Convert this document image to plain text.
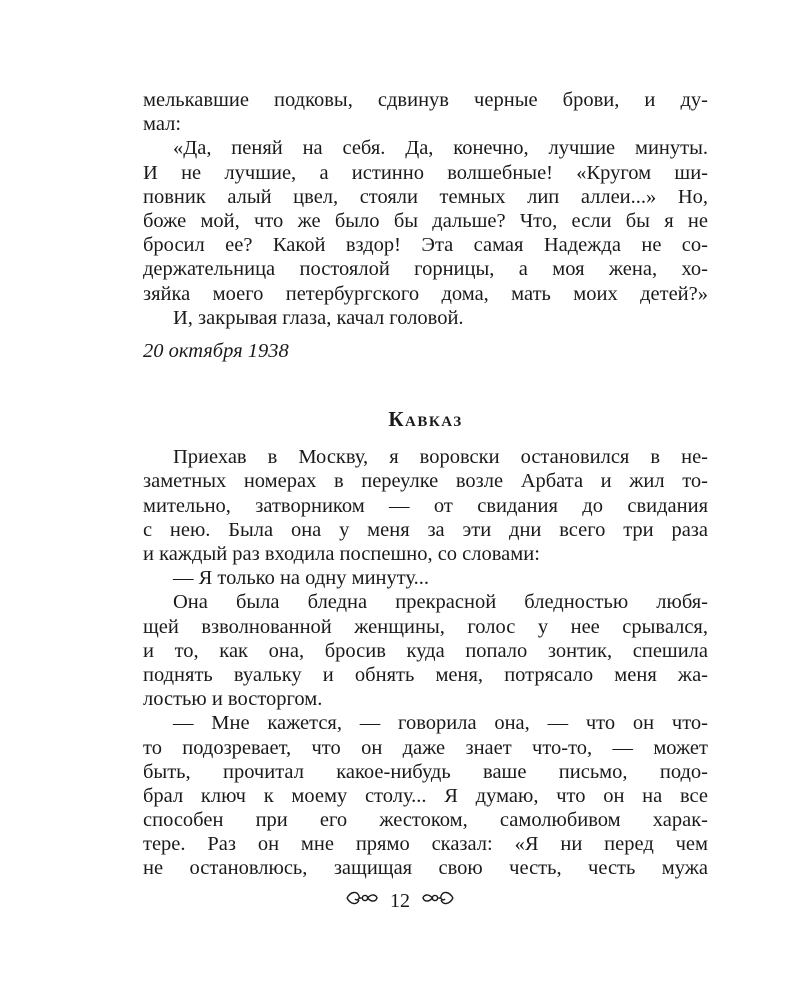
мелькавшие подковы, сдвинув черные брови, и ду-
мал:
«Да, пеняй на себя. Да, конечно, лучшие минуты.
И не лучшие, а истинно волшебные! «Кругом ши-
повник алый цвел, стояли темных лип аллеи...» Но,
боже мой, что же было бы дальше? Что, если бы я не
бросил ее? Какой вздор! Эта самая Надежда не со-
держательница постоялой горницы, а моя жена, хо-
зяйка моего петербургского дома, мать моих детей?»
И, закрывая глаза, качал головой.
20 октября 1938
Кавказ
Приехав в Москву, я воровски остановился в не-
заметных номерах в переулке возле Арбата и жил то-
мительно, затворником — от свидания до свидания
с нею. Была она у меня за эти дни всего три раза
и каждый раз входила поспешно, со словами:
— Я только на одну минуту...
Она была бледна прекрасной бледностью любя-
щей взволнованной женщины, голос у нее срывался,
и то, как она, бросив куда попало зонтик, спешила
поднять вуальку и обнять меня, потрясало меня жа-
лостью и восторгом.
— Мне кажется, — говорила она, — что он что-
то подозревает, что он даже знает что-то, — может
быть, прочитал какое-нибудь ваше письмо, подо-
брал ключ к моему столу... Я думаю, что он на все
способен при его жестоком, самолюбивом харак-
тере. Раз он мне прямо сказал: «Я ни перед чем
не остановлюсь, защищая свою честь, честь мужа
12
